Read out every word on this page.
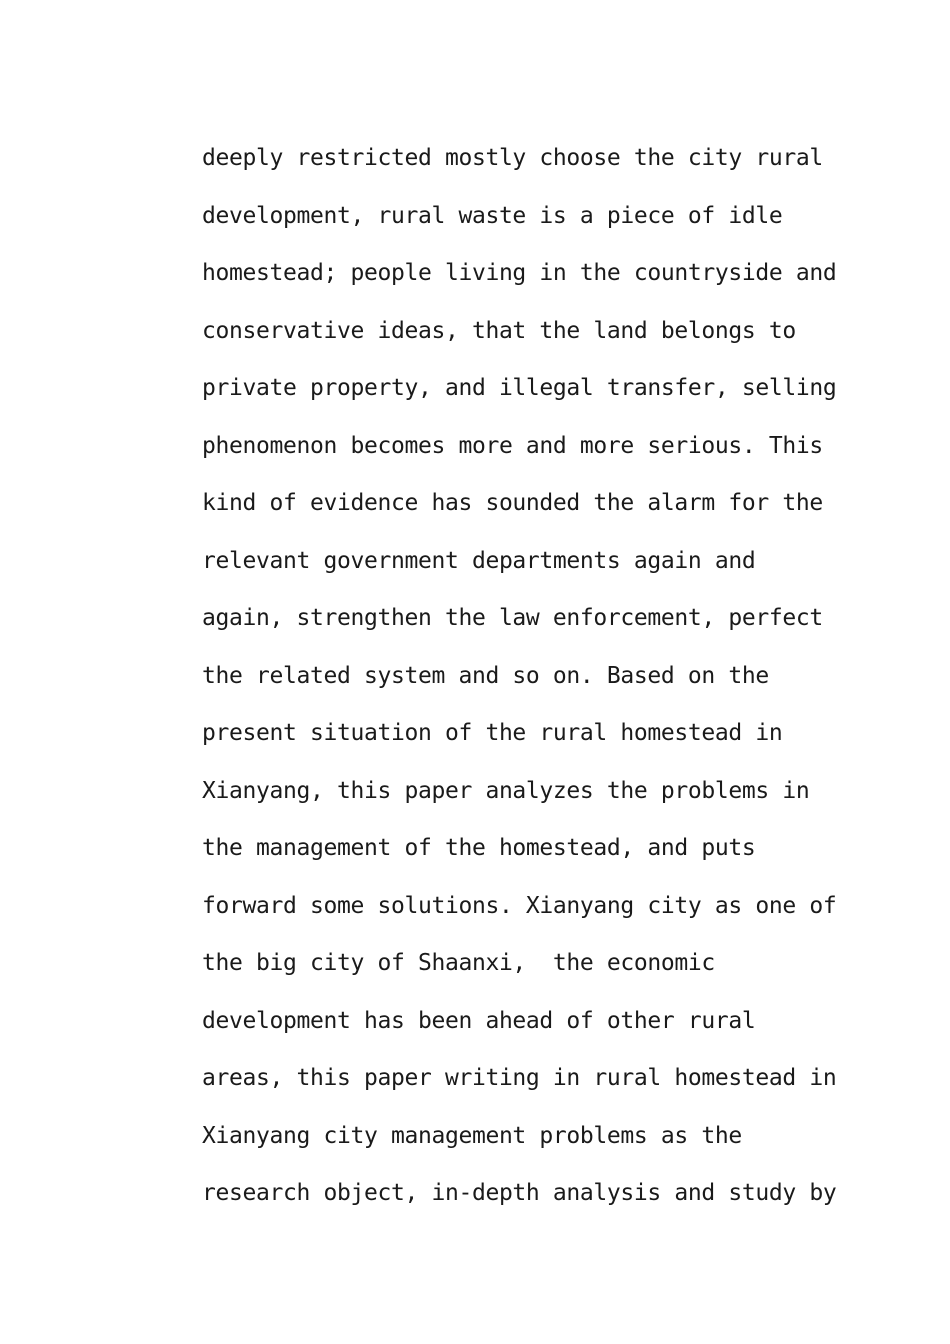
deeply restricted mostly choose the city rural
development, rural waste is a piece of idle
homestead; people living in the countryside and
conservative ideas, that the land belongs to
private property, and illegal transfer, selling
phenomenon becomes more and more serious. This
kind of evidence has sounded the alarm for the
relevant government departments again and
again, strengthen the law enforcement, perfect
the related system and so on. Based on the
present situation of the rural homestead in
Xianyang, this paper analyzes the problems in
the management of the homestead, and puts
forward some solutions. Xianyang city as one of
the big city of Shaanxi,  the economic
development has been ahead of other rural
areas, this paper writing in rural homestead in
Xianyang city management problems as the
research object, in-depth analysis and study by
